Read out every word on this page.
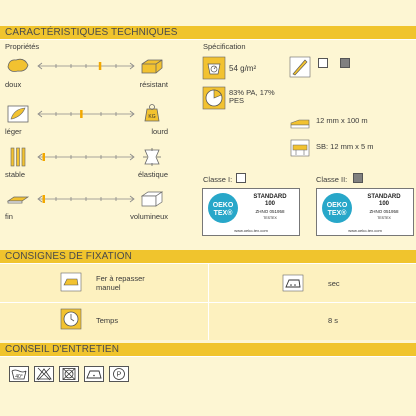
CARACTÉRISTIQUES TECHNIQUES
Propriétés
doux	résistant
KG
léger	lourd
stable	élastique
fin	volumineux
Spécification
54 g/m²
83% PA, 17%
PES
12 mm x 100 m
SB: 12 mm x 5 m
Classe I:	Classe II:
OEKO
TEX®
STANDARD
100
ZHNO 051958
TESTEX
www.oeko-tex.com
OEKO
TEX®
STANDARD
100
ZHNO 051958
TESTEX
www.oeko-tex.com
CONSIGNES DE FIXATION
Fer à repasser
manuel	sec
Temps	8 s
CONSEIL D'ENTRETIEN
40°	P
